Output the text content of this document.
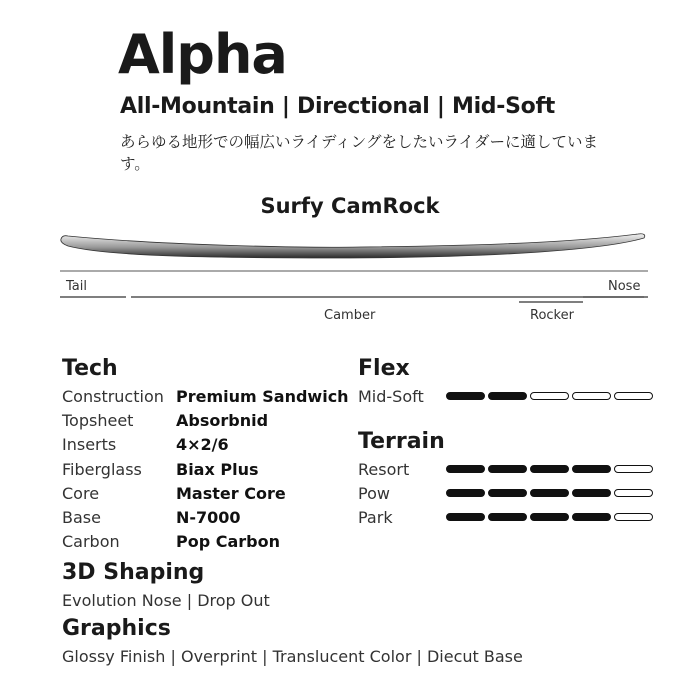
Alpha
All-Mountain | Directional | Mid-Soft
あらゆる地形での幅広いライディングをしたいライダーに適しています。
Surfy CamRock
Tail	Nose
Camber	Rocker
Tech
Construction Premium Sandwich
Topsheet	Absorbnid
Inserts	4×2/6
Fiberglass Biax Plus
Core	Master Core
Base	N-7000
Carbon	Pop Carbon
Flex
Mid-Soft
Terrain
Resort
Pow
Park
3D Shaping
Evolution Nose | Drop Out
Graphics
Glossy Finish | Overprint | Translucent Color | Diecut Base
